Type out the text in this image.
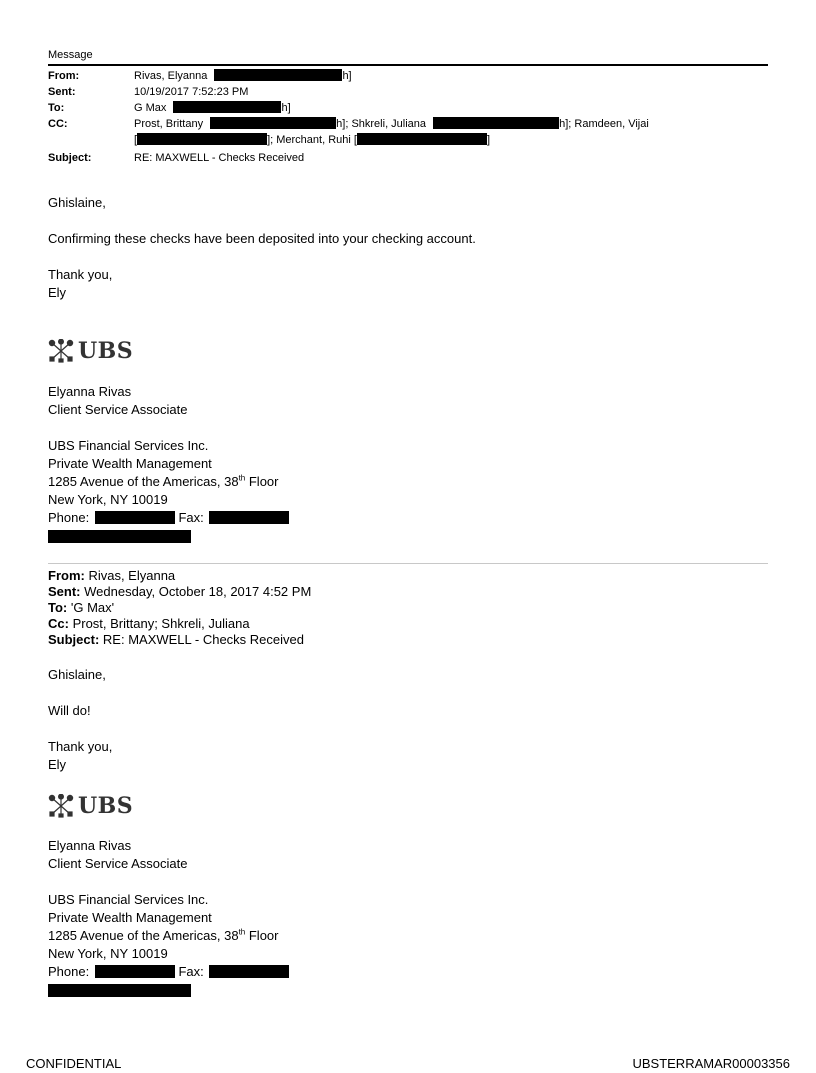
Message
From:	Rivas, Elyanna	h]
Sent:	10/19/2017 7:52:23 PM
To:	G Max	h]
CC:	Prost, Brittany	h]; Shkreli, Juliana	h]; Ramdeen, Vijai
[	]; Merchant, Ruhi [	]
Subject:	RE: MAXWELL - Checks Received
Ghislaine,
Confirming these checks have been deposited into your checking account.
Thank you,
Ely
UBS
Elyanna Rivas
Client Service Associate
UBS Financial Services Inc.
Private Wealth Management
1285 Avenue of the Americas, 38th Floor
New York, NY 10019
Phone:	Fax:
From: Rivas, Elyanna
Sent: Wednesday, October 18, 2017 4:52 PM
To: 'G Max'
Cc: Prost, Brittany; Shkreli, Juliana
Subject: RE: MAXWELL - Checks Received
Ghislaine,
Will do!
Thank you,
Ely
UBS
Elyanna Rivas
Client Service Associate
UBS Financial Services Inc.
Private Wealth Management
1285 Avenue of the Americas, 38th Floor
New York, NY 10019
Phone:	Fax:
CONFIDENTIAL	UBSTERRAMAR00003356
